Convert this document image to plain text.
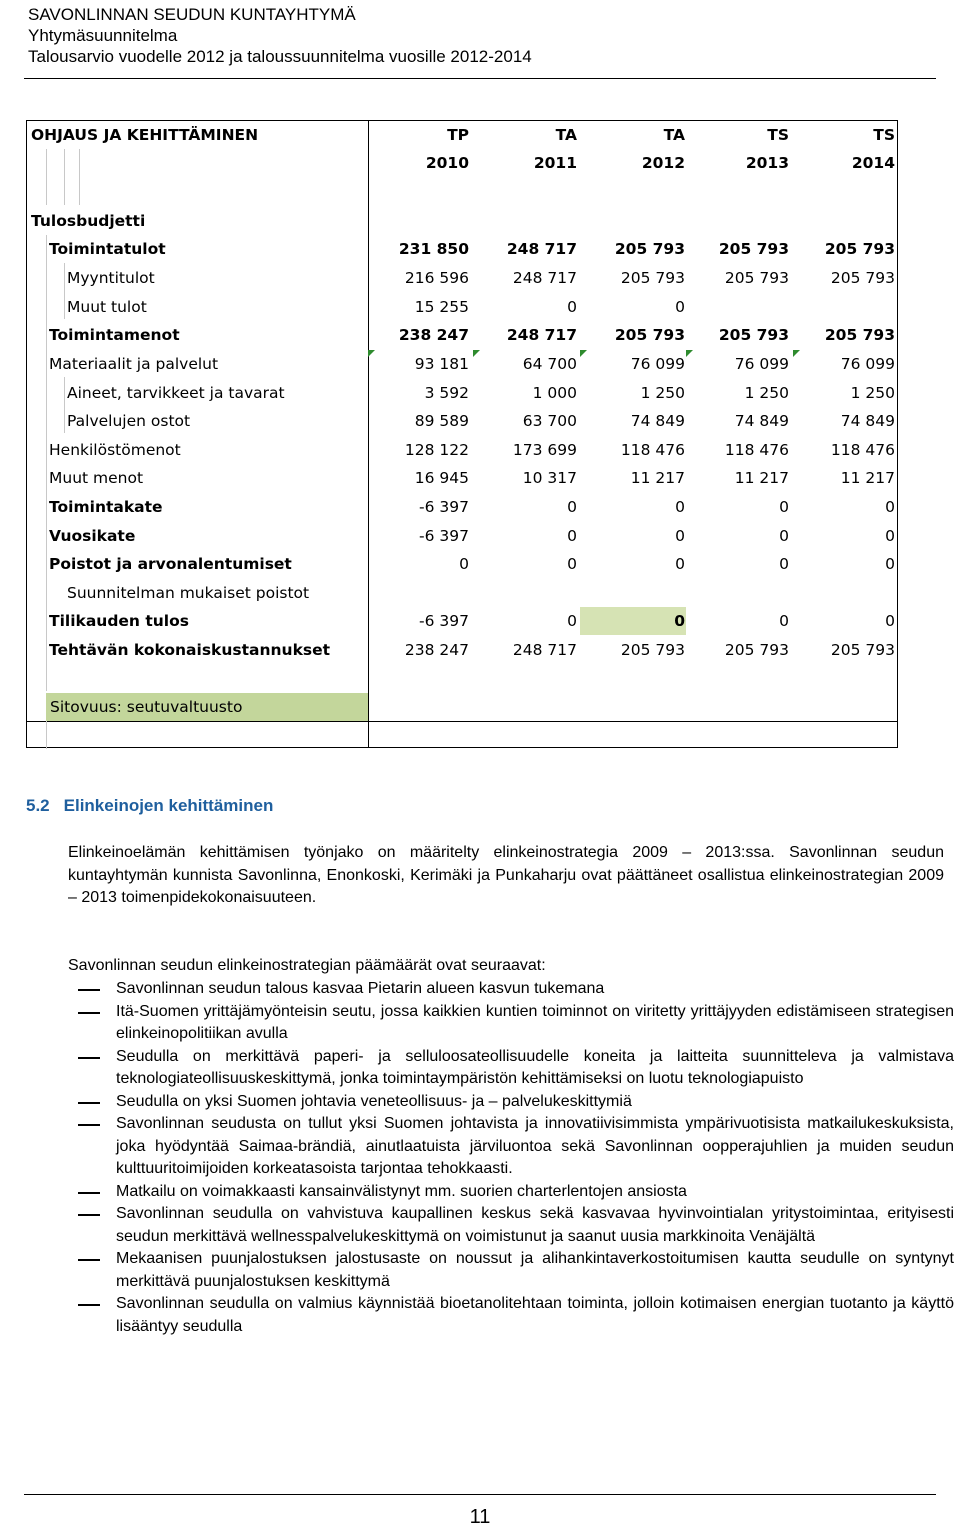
SAVONLINNAN SEUDUN KUNTAYHTYMÄ
Yhtymäsuunnitelma
Talousarvio vuodelle 2012 ja taloussuunnitelma vuosille 2012-2014
OHJAUS JA KEHITTÄMINEN	TP	TA	TA	TS	TS
2010	2011	2012	2013	2014
Tulosbudjetti
Toimintatulot	231 850	248 717	205 793	205 793	205 793
Myyntitulot	216 596	248 717	205 793	205 793	205 793
Muut tulot	15 255	0	0
Toimintamenot	238 247	248 717	205 793	205 793	205 793
Materiaalit ja palvelut	93 181	64 700	76 099	76 099	76 099
Aineet, tarvikkeet ja tavarat	3 592	1 000	1 250	1 250	1 250
Palvelujen ostot	89 589	63 700	74 849	74 849	74 849
Henkilöstömenot	128 122	173 699	118 476	118 476	118 476
Muut menot	16 945	10 317	11 217	11 217	11 217
Toimintakate	-6 397	0	0	0	0
Vuosikate	-6 397	0	0	0	0
Poistot ja arvonalentumiset	0	0	0	0	0
Suunnitelman mukaiset poistot
Tilikauden tulos	-6 397	0	0	0	0
Tehtävän kokonaiskustannukset	238 247	248 717	205 793	205 793	205 793
Sitovuus: seutuvaltuusto
5.2 Elinkeinojen kehittäminen
Elinkeinoelämän kehittämisen työnjako on määritelty elinkeinostrategia 2009 – 2013:ssa. Savonlinnan seudun kuntayhtymän kunnista Savonlinna, Enonkoski, Kerimäki ja Punkaharju ovat päättäneet osallistua elinkeinostrategian 2009 – 2013 toimenpidekokonaisuuteen.
Savonlinnan seudun elinkeinostrategian päämäärät ovat seuraavat:
Savonlinnan seudun talous kasvaa Pietarin alueen kasvun tukemana
Itä-Suomen yrittäjämyönteisin seutu, jossa kaikkien kuntien toiminnot on viritetty yrittäjyyden edistämiseen strategisen elinkeinopolitiikan avulla
Seudulla on merkittävä paperi- ja selluloosateollisuudelle koneita ja laitteita suunnitteleva ja valmistava teknologiateollisuuskeskittymä, jonka toimintaympäristön kehittämiseksi on luotu teknologiapuisto
Seudulla on yksi Suomen johtavia veneteollisuus- ja – palvelukeskittymiä
Savonlinnan seudusta on tullut yksi Suomen johtavista ja innovatiivisimmista ympärivuotisista matkailukeskuksista, joka hyödyntää Saimaa-brändiä, ainutlaatuista järviluontoa sekä Savonlinnan oopperajuhlien ja muiden seudun kulttuuritoimijoiden korkeatasoista tarjontaa tehokkaasti.
Matkailu on voimakkaasti kansainvälistynyt mm. suorien charterlentojen ansiosta
Savonlinnan seudulla on vahvistuva kaupallinen keskus sekä kasvavaa hyvinvointialan yritystoimintaa, erityisesti seudun merkittävä wellnesspalvelukeskittymä on voimistunut ja saanut uusia markkinoita Venäjältä
Mekaanisen puunjalostuksen jalostusaste on noussut ja alihankintaverkostoitumisen kautta seudulle on syntynyt merkittävä puunjalostuksen keskittymä
Savonlinnan seudulla on valmius käynnistää bioetanolitehtaan toiminta, jolloin kotimaisen energian tuotanto ja käyttö lisääntyy seudulla
11
